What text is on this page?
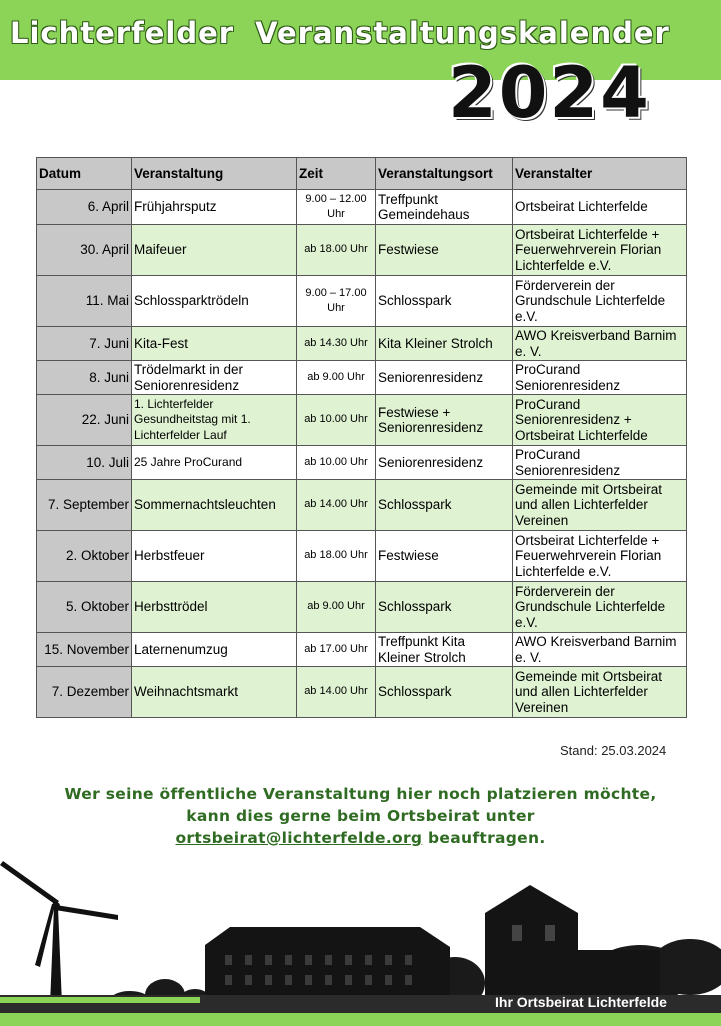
Lichterfelder Veranstaltungskalender
2024
Datum	Veranstaltung	Zeit	Veranstaltungsort	Veranstalter
6. April	Frühjahrsputz	9.00 – 12.00 Uhr	Treffpunkt Gemeindehaus	Ortsbeirat Lichterfelde
30. April	Maifeuer	ab 18.00 Uhr	Festwiese	Ortsbeirat Lichterfelde + Feuerwehrverein Florian Lichterfelde e.V.
11. Mai	Schlossparktrödeln	9.00 – 17.00 Uhr	Schlosspark	Förderverein der Grundschule Lichterfelde e.V.
7. Juni	Kita-Fest	ab 14.30 Uhr	Kita Kleiner Strolch	AWO Kreisverband Barnim e. V.
8. Juni	Trödelmarkt in der Seniorenresidenz	ab 9.00 Uhr	Seniorenresidenz	ProCurand Seniorenresidenz
22. Juni	1. Lichterfelder Gesundheitstag mit 1. Lichterfelder Lauf	ab 10.00 Uhr	Festwiese + Seniorenresidenz	ProCurand Seniorenresidenz + Ortsbeirat Lichterfelde
10. Juli	25 Jahre ProCurand	ab 10.00 Uhr	Seniorenresidenz	ProCurand Seniorenresidenz
7. September	Sommernachtsleuchten	ab 14.00 Uhr	Schlosspark	Gemeinde mit Ortsbeirat und allen Lichterfelder Vereinen
2. Oktober	Herbstfeuer	ab 18.00 Uhr	Festwiese	Ortsbeirat Lichterfelde + Feuerwehrverein Florian Lichterfelde e.V.
5. Oktober	Herbsttrödel	ab 9.00 Uhr	Schlosspark	Förderverein der Grundschule Lichterfelde e.V.
15. November	Laternenumzug	ab 17.00 Uhr	Treffpunkt Kita Kleiner Strolch	AWO Kreisverband Barnim e. V.
7. Dezember	Weihnachtsmarkt	ab 14.00 Uhr	Schlosspark	Gemeinde mit Ortsbeirat und allen Lichterfelder Vereinen
Stand: 25.03.2024
Wer seine öffentliche Veranstaltung hier noch platzieren möchte,
kann dies gerne beim Ortsbeirat unter
ortsbeirat@lichterfelde.org beauftragen.
Ihr Ortsbeirat Lichterfelde
